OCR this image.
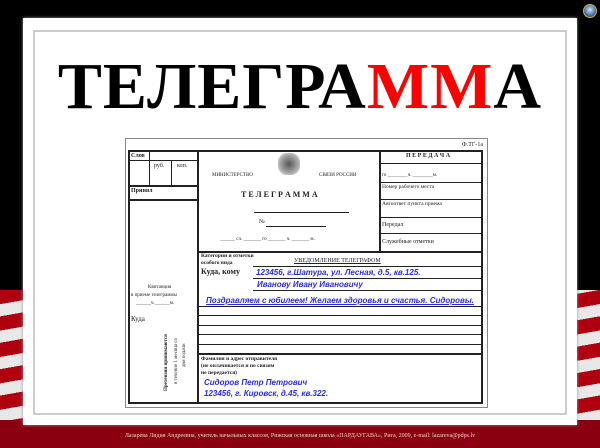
ТЕЛЕГРАММА
Ф.ТГ-1а
Слов
руб. коп.
Принял
Квитанция
в приеме телеграммы
______ч.______м.
Куда
Претензии принимаются в течение 1 месяца со дня подачи
МИНИСТЕРСТВО	СВЯЗИ РОССИИ
Т Е Л Е Г Р А М М А
№
______ сл. _______ го _______ ч. _______ м.
П Е Р Е Д А Ч А
го ________ч. ________м.
Номер рабочего места
Автоответ пункта приема
Передал
Служебные отметки
Категории и отметки
особого вида	УВЕДОМЛЕНИЕ ТЕЛЕГРАФОМ
Куда, кому 123456, г.Шатура, ул. Лесная, д.5, кв.125.
Иванову Ивану Ивановичу
Поздравляем с юбилеем! Желаем здоровья и счастья. Сидоровы.
Фамилия и адрес отправителя
(не оплачивается и по связям
не передается)
Сидоров Петр Петрович
123456, г. Кировск, д.45, кв.322.
Лазарева Лидия Андреевна, учитель начальных классов, Рижская основная школа «ПАРДАУГАВА», Рига, 2009, e-mail: lazareva@pdps.lv
